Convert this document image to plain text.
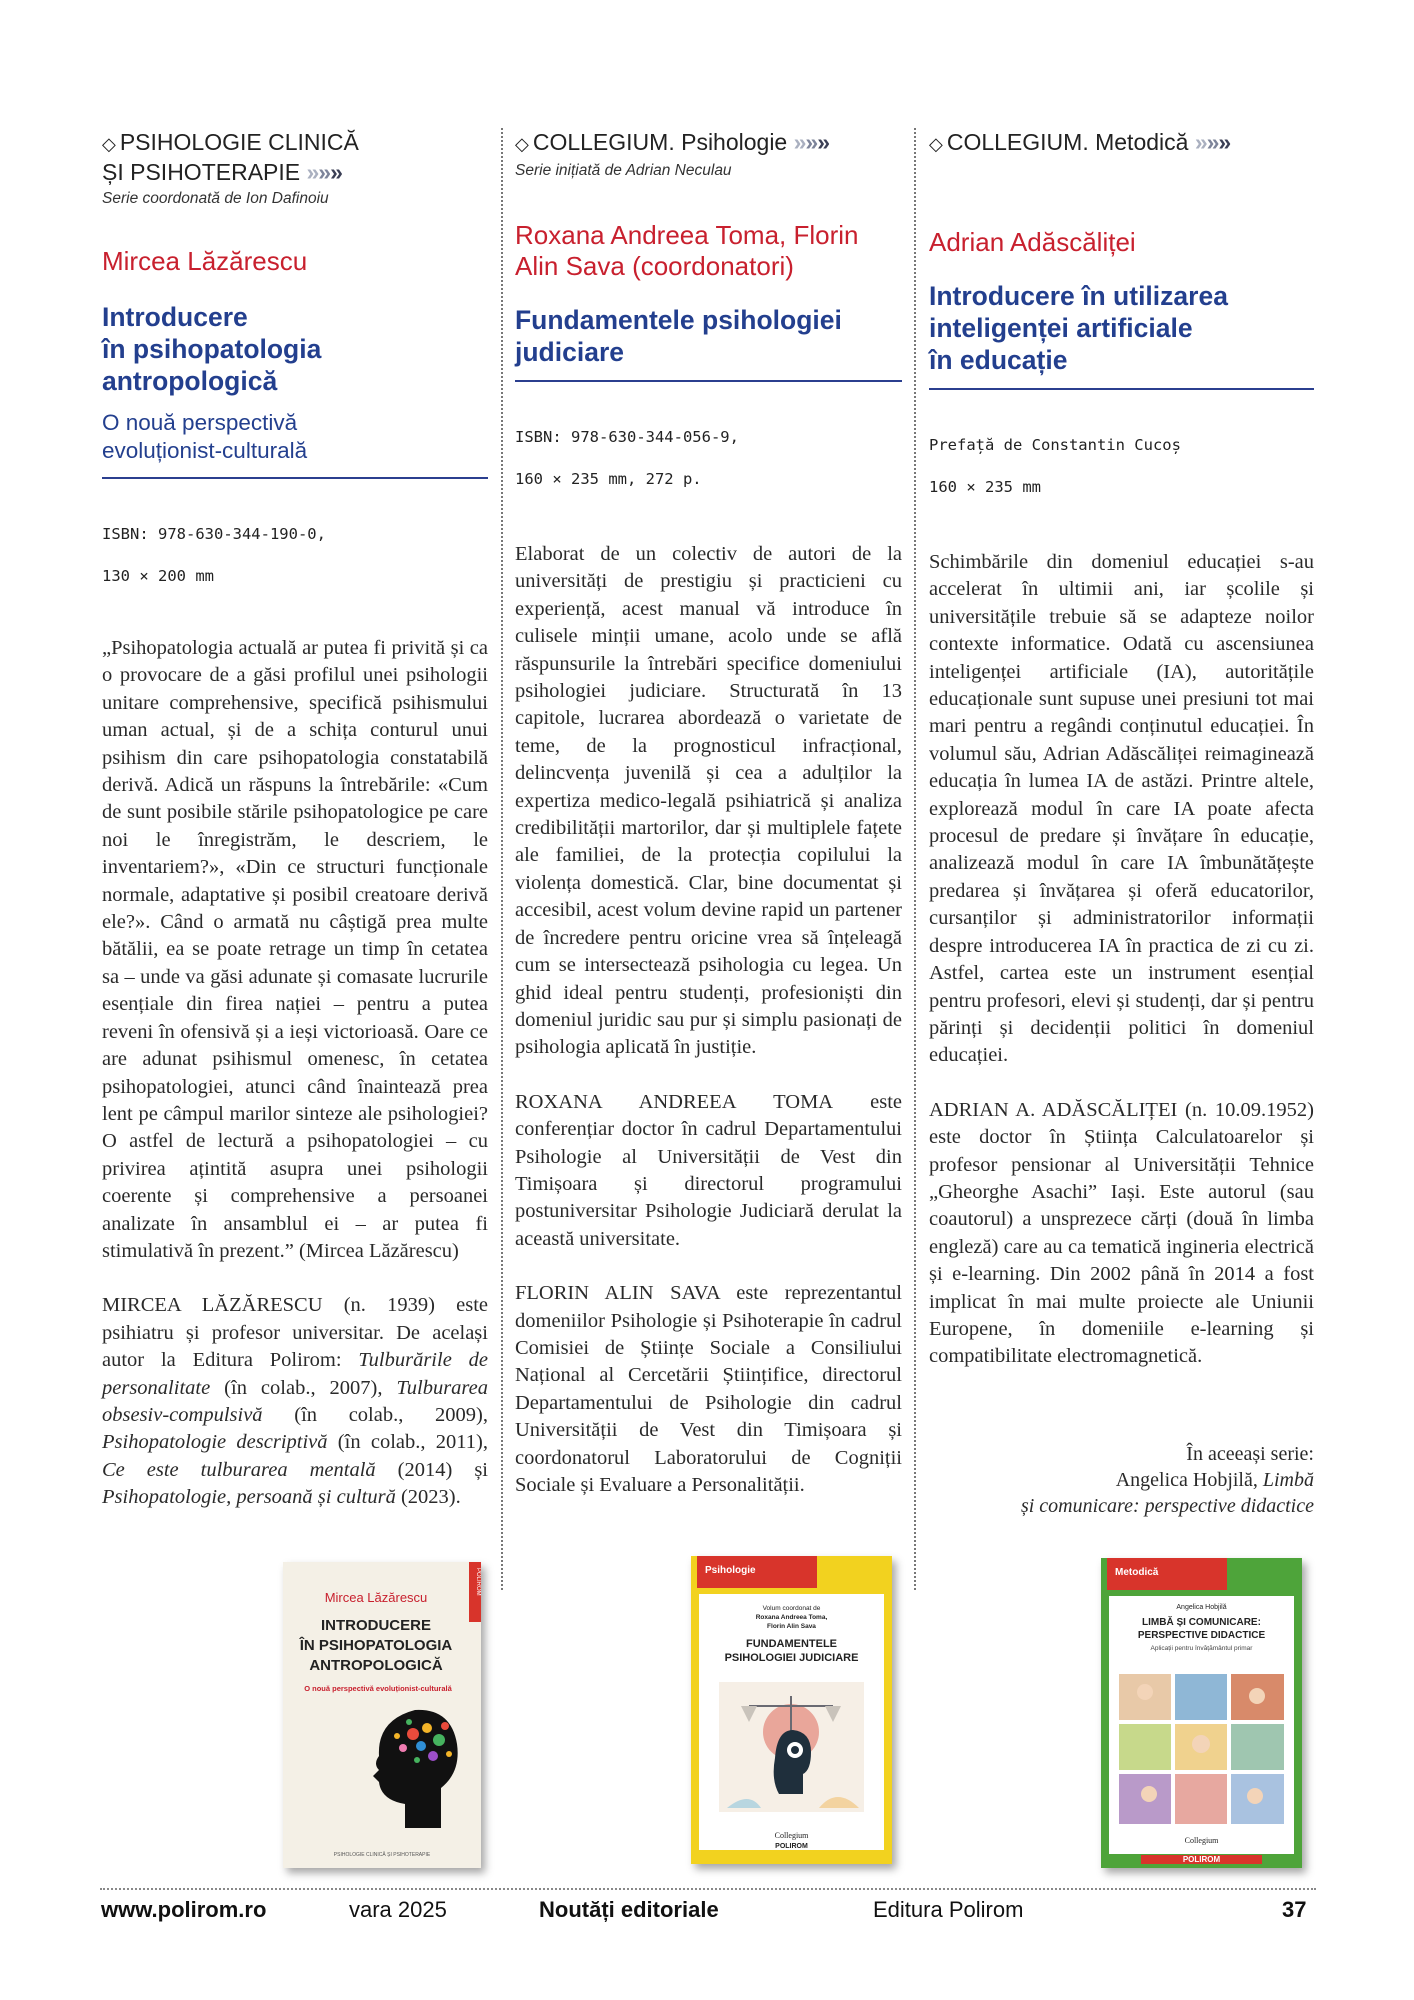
◇ PSIHOLOGIE CLINICĂ
ȘI PSIHOTERAPIE »»»
Serie coordonată de Ion Dafinoiu
Mircea Lăzărescu
Introducere
în psihopatologia
antropologică
O nouă perspectivă
evoluționist-culturală

ISBN: 978-630-344-190-0,

130 × 200 mm

„Psihopatologia actuală ar putea fi privită și ca o provocare de a găsi profilul unei psihologii unitare comprehensive, specifică psihismului uman actual, și de a schița conturul unui psihism din care psihopatologia constatabilă derivă. Adică un răspuns la întrebările: «Cum de sunt posibile stările psihopatologice pe care noi le înregistrăm, le descriem, le inventariem?», «Din ce structuri funcționale normale, adaptative și posibil creatoare derivă ele?». Când o armată nu câștigă prea multe bătălii, ea se poate retrage un timp în cetatea sa – unde va găsi adunate și comasate lucrurile esențiale din firea nației – pentru a putea reveni în ofensivă și a ieși victorioasă. Oare ce are adunat psihismul omenesc, în cetatea psihopatologiei, atunci când înaintează prea lent pe câmpul marilor sinteze ale psihologiei? O astfel de lectură a psihopatologiei – cu privirea ațintită asupra unei psihologii coerente și comprehensive a persoanei analizate în ansamblul ei – ar putea fi stimulativă în prezent.” (Mircea Lăzărescu)

MIRCEA LĂZĂRESCU (n. 1939) este psihiatru și profesor universitar. De același autor la Editura Polirom: Tulburările de personalitate (în colab., 2007), Tulburarea obsesiv-compulsivă (în colab., 2009), Psihopatologie descriptivă (în colab., 2011), Ce este tulburarea mentală (2014) și Psihopatologie, persoană și cultură (2023).

◇ COLLEGIUM. Psihologie »»»
Serie inițiată de Adrian Neculau
Roxana Andreea Toma, Florin
Alin Sava (coordonatori)
Fundamentele psihologiei
judiciare

ISBN: 978-630-344-056-9,

160 × 235 mm, 272 p.

Elaborat de un colectiv de autori de la universități de prestigiu și practicieni cu experiență, acest manual vă introduce în culisele minții umane, acolo unde se află răspunsurile la întrebări specifice domeniului psihologiei judiciare. Structurată în 13 capitole, lucrarea abordează o varietate de teme, de la prognosticul infracțional, delincvența juvenilă și cea a adulților la expertiza medico-legală psihiatrică și analiza credibilității martorilor, dar și multiplele fațete ale familiei, de la protecția copilului la violența domestică. Clar, bine documentat și accesibil, acest volum devine rapid un partener de încredere pentru oricine vrea să înțeleagă cum se intersectează psihologia cu legea. Un ghid ideal pentru studenți, profesioniști din domeniul juridic sau pur și simplu pasionați de psihologia aplicată în justiție.

ROXANA ANDREEA TOMA este conferențiar doctor în cadrul Departamentului Psihologie al Universității de Vest din Timișoara și directorul programului postuniversitar Psihologie Judiciară derulat la această universitate.

FLORIN ALIN SAVA este reprezentantul domeniilor Psihologie și Psihoterapie în cadrul Comisiei de Științe Sociale a Consiliului Național al Cercetării Științifice, directorul Departamentului de Psihologie din cadrul Universității de Vest din Timișoara și coordonatorul Laboratorului de Cogniții Sociale și Evaluare a Personalității.

◇ COLLEGIUM. Metodică »»»
Adrian Adăscăliței
Introducere în utilizarea
inteligenței artificiale
în educație

Prefață de Constantin Cucoș

160 × 235 mm

Schimbările din domeniul educației s-au accelerat în ultimii ani, iar școlile și universitățile trebuie să se adapteze noilor contexte informatice. Odată cu ascensiunea inteligenței artificiale (IA), autoritățile educaționale sunt supuse unei presiuni tot mai mari pentru a regândi conținutul educației. În volumul său, Adrian Adăscăliței reimaginează educația în lumea IA de astăzi. Printre altele, explorează modul în care IA poate afecta procesul de predare și învățare în educație, analizează modul în care IA îmbunătățește predarea și învățarea și oferă educatorilor, cursanților și administratorilor informații despre introducerea IA în practica de zi cu zi. Astfel, cartea este un instrument esențial pentru profesori, elevi și studenți, dar și pentru părinți și decidenții politici în domeniul educației.

ADRIAN A. ADĂSCĂLIȚEI (n. 10.09.1952) este doctor în Știința Calculatoarelor și profesor pensionar al Universității Tehnice „Gheorghe Asachi” Iași. Este autorul (sau coautorul) a unsprezece cărți (două în limba engleză) care au ca tematică ingineria electrică și e-learning. Din 2002 până în 2014 a fost implicat în mai multe proiecte ale Uniunii Europene, în domeniile e-learning și compatibilitate electromagnetică.

În aceeași serie:
Angelica Hobjilă, Limbă
și comunicare: perspective didactice
POLIROM
Mircea Lăzărescu
INTRODUCERE
ÎN PSIHOPATOLOGIA
ANTROPOLOGICĂ
O nouă perspectivă evoluționist-culturală
PSIHOLOGIE CLINICĂ ȘI PSIHOTERAPIE
Psihologie
Volum coordonat de
Roxana Andreea Toma,
Florin Alin Sava
FUNDAMENTELE
PSIHOLOGIEI JUDICIARE
Collegium
POLIROM
Metodică
Angelica Hobjilă
LIMBĂ ȘI COMUNICARE:
PERSPECTIVE DIDACTICE
Aplicații pentru învățământul primar
Collegium
POLIROM
www.polirom.ro	vara 2025	Noutăți editoriale	Editura Polirom	37
